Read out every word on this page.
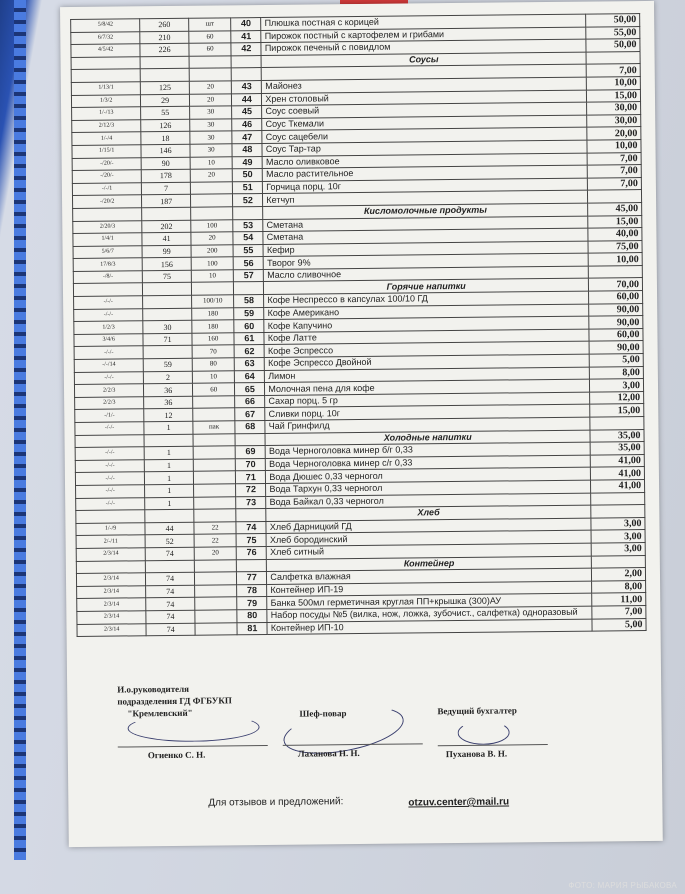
5/8/42	260	шт	40	Плюшка постная с корицей	50,00
6/7/32	210	60	41	Пирожок постный с картофелем и грибами	55,00
4/5/42	226	60	42	Пирожок печеный с повидлом	50,00
				Соусы	
					7,00
1/13/1	125	20	43	Майонез	10,00
1/3/2	29	20	44	Хрен столовый	15,00
1/-/13	55	30	45	Соус соевый	30,00
2/12/3	126	30	46	Соус Ткемали	30,00
1/-/4	18	30	47	Соус сацебели	20,00
1/15/1	146	30	48	Соус Тар-тар	10,00
-/20/-	90	10	49	Масло оливковое	7,00
-/20/-	178	20	50	Масло растительное	7,00
-/-/1	7		51	Горчица порц. 10г	7,00
-/20/2	187		52	Кетчуп	
				Кисломолочные продукты	45,00
2/20/3	202	100	53	Сметана	15,00
1/4/1	41	20	54	Сметана	40,00
5/6/7	99	200	55	Кефир	75,00
17/8/3	156	100	56	Творог 9%	10,00
-/8/-	75	10	57	Масло сливочное	
				Горячие напитки	70,00
-/-/-		100/10	58	Кофе Неспрессо в капсулах 100/10 ГД	60,00
-/-/-		180	59	Кофе Американо	90,00
1/2/3	30	180	60	Кофе Капучино	90,00
3/4/6	71	160	61	Кофе Латте	60,00
-/-/-		70	62	Кофе Эспрессо	90,00
-/-/14	59	80	63	Кофе Эспрессо Двойной	5,00
-/-/-	2	10	64	Лимон	8,00
2/2/3	36	60	65	Молочная пена для кофе	3,00
2/2/3	36		66	Сахар порц. 5 гр	12,00
-/1/-	12		67	Сливки порц. 10г	15,00
-/-/-	1	пак	68	Чай Гринфилд	
				Холодные напитки	35,00
-/-/-	1		69	Вода Черноголовка минер б/г 0,33	35,00
-/-/-	1		70	Вода Черноголовка минер с/г 0,33	41,00
-/-/-	1		71	Вода Дюшес 0,33 черногол	41,00
-/-/-	1		72	Вода Тархун 0,33 черногол	41,00
-/-/-	1		73	Вода Байкал 0,33 черногол	
				Хлеб	
1/-/9	44	22	74	Хлеб Дарницкий ГД	3,00
2/-/11	52	22	75	Хлеб бородинский	3,00
2/3/14	74	20	76	Хлеб ситный	3,00
				Контейнер	
2/3/14	74		77	Салфетка влажная	2,00
2/3/14	74		78	Контейнер ИП-19	8,00
2/3/14	74		79	Банка 500мл герметичная круглая ПП+крышка (300)АУ	11,00
2/3/14	74		80	Набор посуды №5 (вилка, нож, ложка, зубочист., салфетка) одноразовый	7,00
2/3/14	74		81	Контейнер ИП-10	5,00
И.о.руководителя
подразделения ГД ФГБУКП
"Кремлевский"
Огиенко С. Н.
Шеф-повар
Лаханова Н. Н.
Ведущий бухгалтер
Пуханова В. Н.
Для отзывов и предложений:	otzuv.center@mail.ru
ФОТО: МАРИЯ РЫБАКОВА
